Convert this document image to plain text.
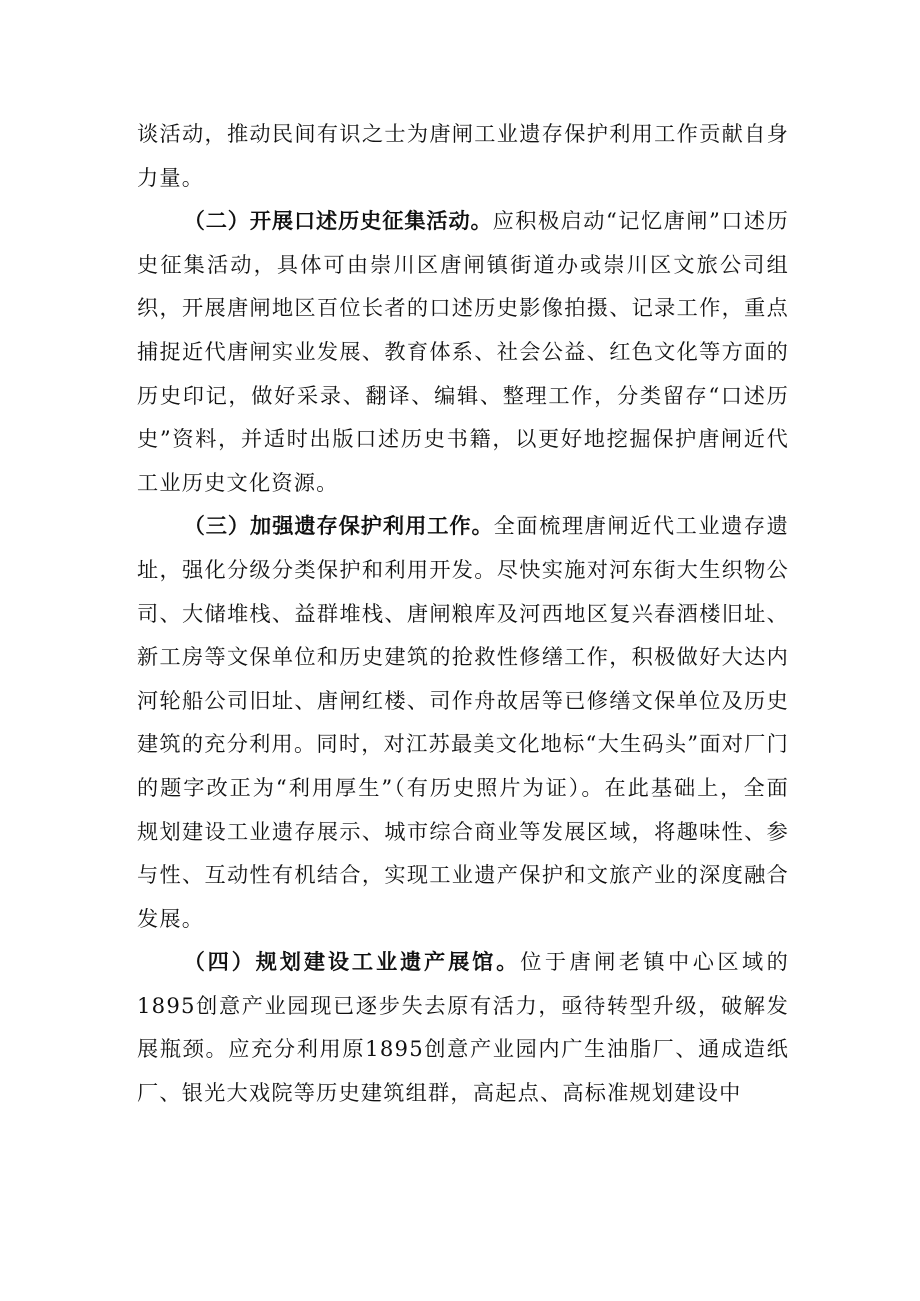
谈活动，推动民间有识之士为唐闸工业遗存保护利用工作贡献自身力量。

（二）开展口述历史征集活动。应积极启动“记忆唐闸”口述历史征集活动，具体可由崇川区唐闸镇街道办或崇川区文旅公司组织，开展唐闸地区百位长者的口述历史影像拍摄、记录工作，重点捕捉近代唐闸实业发展、教育体系、社会公益、红色文化等方面的历史印记，做好采录、翻译、编辑、整理工作，分类留存“口述历史”资料，并适时出版口述历史书籍，以更好地挖掘保护唐闸近代工业历史文化资源。

（三）加强遗存保护利用工作。全面梳理唐闸近代工业遗存遗址，强化分级分类保护和利用开发。尽快实施对河东街大生织物公司、大储堆栈、益群堆栈、唐闸粮库及河西地区复兴春酒楼旧址、新工房等文保单位和历史建筑的抢救性修缮工作，积极做好大达内河轮船公司旧址、唐闸红楼、司作舟故居等已修缮文保单位及历史建筑的充分利用。同时，对江苏最美文化地标“大生码头”面对厂门的题字改正为“利用厚生”（有历史照片为证）。在此基础上，全面规划建设工业遗存展示、城市综合商业等发展区域，将趣味性、参与性、互动性有机结合，实现工业遗产保护和文旅产业的深度融合发展。

（四）规划建设工业遗产展馆。位于唐闸老镇中心区域的1895创意产业园现已逐步失去原有活力，亟待转型升级，破解发展瓶颈。应充分利用原1895创意产业园内广生油脂厂、通成造纸厂、银光大戏院等历史建筑组群，高起点、高标准规划建设中
